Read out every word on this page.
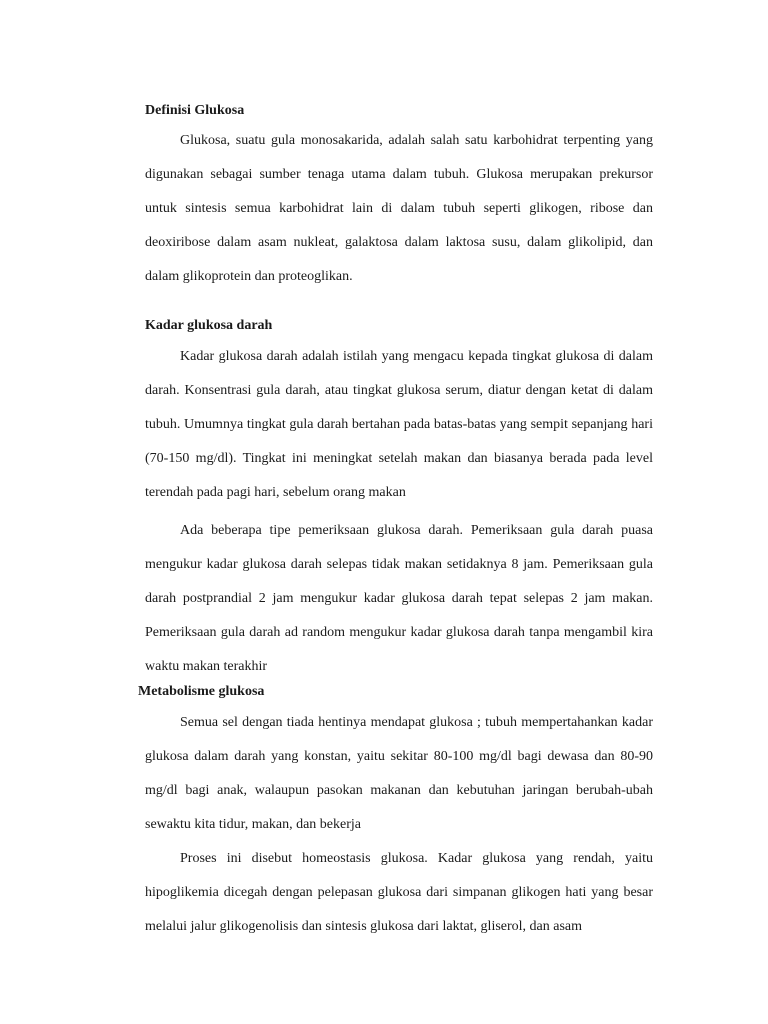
Definisi Glukosa

Glukosa, suatu gula monosakarida, adalah salah satu karbohidrat terpenting yang digunakan sebagai sumber tenaga utama dalam tubuh. Glukosa merupakan prekursor untuk sintesis semua karbohidrat lain di dalam tubuh seperti glikogen, ribose dan deoxiribose dalam asam nukleat, galaktosa dalam laktosa susu, dalam glikolipid, dan dalam glikoprotein dan proteoglikan.

Kadar glukosa darah

Kadar glukosa darah adalah istilah yang mengacu kepada tingkat glukosa di dalam darah. Konsentrasi gula darah, atau tingkat glukosa serum, diatur dengan ketat di dalam tubuh. Umumnya tingkat gula darah bertahan pada batas-batas yang sempit sepanjang hari (70-150 mg/dl). Tingkat ini meningkat setelah makan dan biasanya berada pada level terendah pada pagi hari, sebelum orang makan

Ada beberapa tipe pemeriksaan glukosa darah. Pemeriksaan gula darah puasa mengukur kadar glukosa darah selepas tidak makan setidaknya 8 jam. Pemeriksaan gula darah postprandial 2 jam mengukur kadar glukosa darah tepat selepas 2 jam makan. Pemeriksaan gula darah ad random mengukur kadar glukosa darah tanpa mengambil kira waktu makan terakhir

Metabolisme glukosa

Semua sel dengan tiada hentinya mendapat glukosa ; tubuh mempertahankan kadar glukosa dalam darah yang konstan, yaitu sekitar 80-100 mg/dl bagi dewasa dan 80-90 mg/dl bagi anak, walaupun pasokan makanan dan kebutuhan jaringan berubah-ubah sewaktu kita tidur, makan, dan bekerja

Proses ini disebut homeostasis glukosa. Kadar glukosa yang rendah, yaitu hipoglikemia dicegah dengan pelepasan glukosa dari simpanan glikogen hati yang besar melalui jalur glikogenolisis dan sintesis glukosa dari laktat, gliserol, dan asam
